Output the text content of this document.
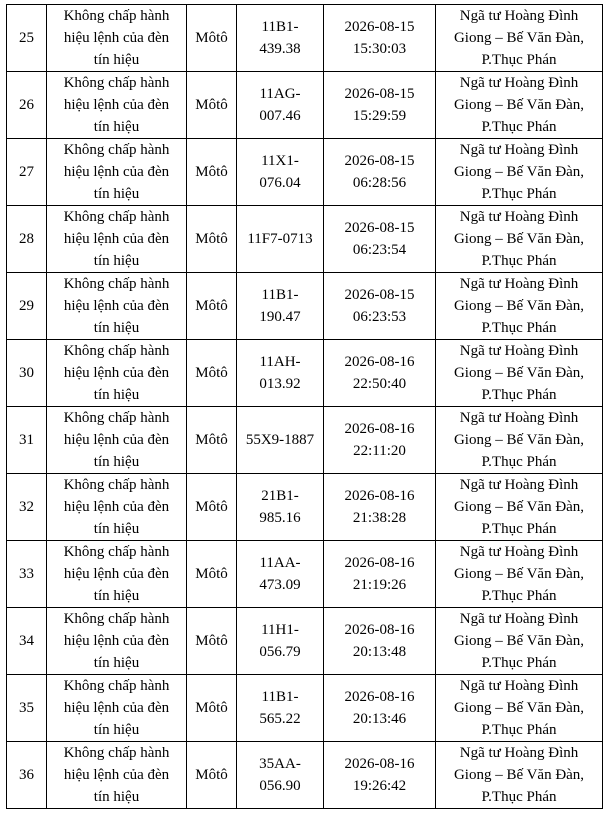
25	Không chấp hành
hiệu lệnh của đèn
tín hiệu	Môtô	11B1-
439.38	2026-08-15
15:30:03	Ngã tư Hoàng Đình
Giong – Bế Văn Đàn,
P.Thục Phán

26	Không chấp hành
hiệu lệnh của đèn
tín hiệu	Môtô	11AG-
007.46	2026-08-15
15:29:59	Ngã tư Hoàng Đình
Giong – Bế Văn Đàn,
P.Thục Phán

27	Không chấp hành
hiệu lệnh của đèn
tín hiệu	Môtô	11X1-
076.04	2026-08-15
06:28:56	Ngã tư Hoàng Đình
Giong – Bế Văn Đàn,
P.Thục Phán

28	Không chấp hành
hiệu lệnh của đèn
tín hiệu	Môtô	11F7-0713	2026-08-15
06:23:54	Ngã tư Hoàng Đình
Giong – Bế Văn Đàn,
P.Thục Phán

29	Không chấp hành
hiệu lệnh của đèn
tín hiệu	Môtô	11B1-
190.47	2026-08-15
06:23:53	Ngã tư Hoàng Đình
Giong – Bế Văn Đàn,
P.Thục Phán

30	Không chấp hành
hiệu lệnh của đèn
tín hiệu	Môtô	11AH-
013.92	2026-08-16
22:50:40	Ngã tư Hoàng Đình
Giong – Bế Văn Đàn,
P.Thục Phán

31	Không chấp hành
hiệu lệnh của đèn
tín hiệu	Môtô	55X9-1887	2026-08-16
22:11:20	Ngã tư Hoàng Đình
Giong – Bế Văn Đàn,
P.Thục Phán

32	Không chấp hành
hiệu lệnh của đèn
tín hiệu	Môtô	21B1-
985.16	2026-08-16
21:38:28	Ngã tư Hoàng Đình
Giong – Bế Văn Đàn,
P.Thục Phán

33	Không chấp hành
hiệu lệnh của đèn
tín hiệu	Môtô	11AA-
473.09	2026-08-16
21:19:26	Ngã tư Hoàng Đình
Giong – Bế Văn Đàn,
P.Thục Phán

34	Không chấp hành
hiệu lệnh của đèn
tín hiệu	Môtô	11H1-
056.79	2026-08-16
20:13:48	Ngã tư Hoàng Đình
Giong – Bế Văn Đàn,
P.Thục Phán

35	Không chấp hành
hiệu lệnh của đèn
tín hiệu	Môtô	11B1-
565.22	2026-08-16
20:13:46	Ngã tư Hoàng Đình
Giong – Bế Văn Đàn,
P.Thục Phán

36	Không chấp hành
hiệu lệnh của đèn
tín hiệu	Môtô	35AA-
056.90	2026-08-16
19:26:42	Ngã tư Hoàng Đình
Giong – Bế Văn Đàn,
P.Thục Phán
